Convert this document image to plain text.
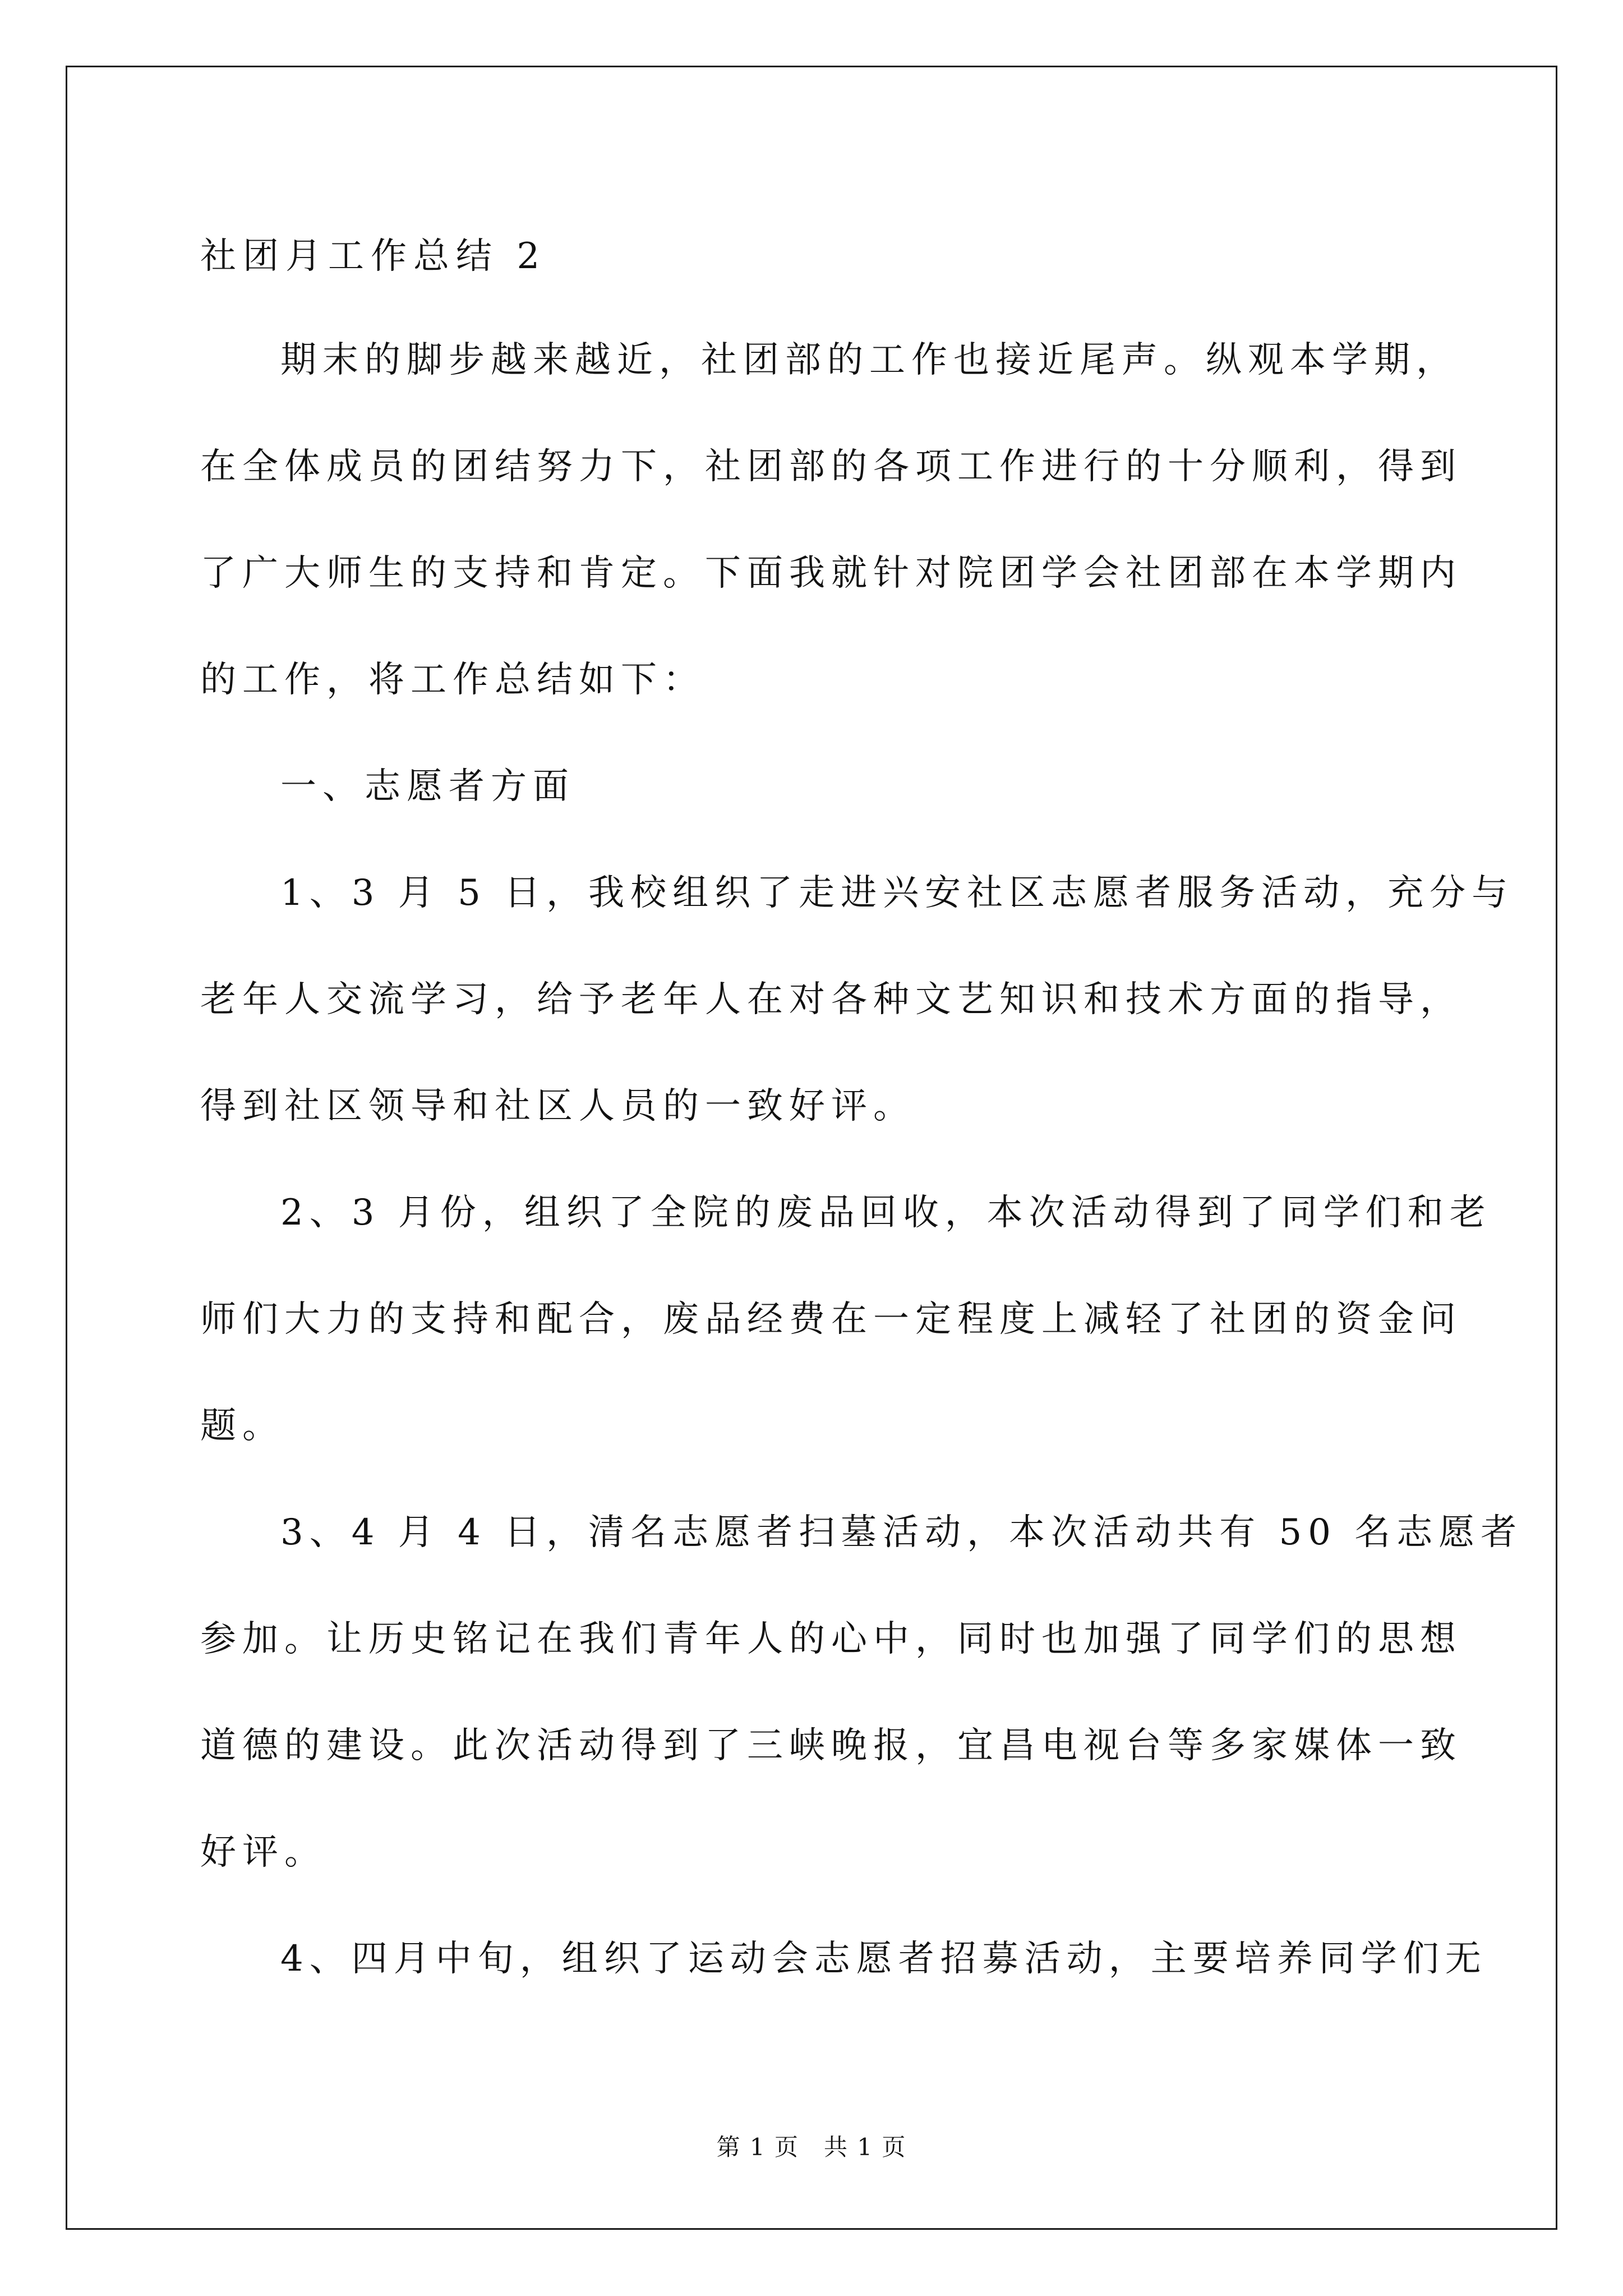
社团月工作总结 2
期末的脚步越来越近，社团部的工作也接近尾声。纵观本学期，
在全体成员的团结努力下，社团部的各项工作进行的十分顺利，得到
了广大师生的支持和肯定。下面我就针对院团学会社团部在本学期内
的工作，将工作总结如下：
一、志愿者方面
1、3 月 5 日，我校组织了走进兴安社区志愿者服务活动，充分与
老年人交流学习，给予老年人在对各种文艺知识和技术方面的指导，
得到社区领导和社区人员的一致好评。
2、3 月份，组织了全院的废品回收，本次活动得到了同学们和老
师们大力的支持和配合，废品经费在一定程度上减轻了社团的资金问
题。
3、4 月 4 日，清名志愿者扫墓活动，本次活动共有 50 名志愿者
参加。让历史铭记在我们青年人的心中，同时也加强了同学们的思想
道德的建设。此次活动得到了三峡晚报，宜昌电视台等多家媒体一致
好评。
4、四月中旬，组织了运动会志愿者招募活动，主要培养同学们无
第 1 页 共 1 页
